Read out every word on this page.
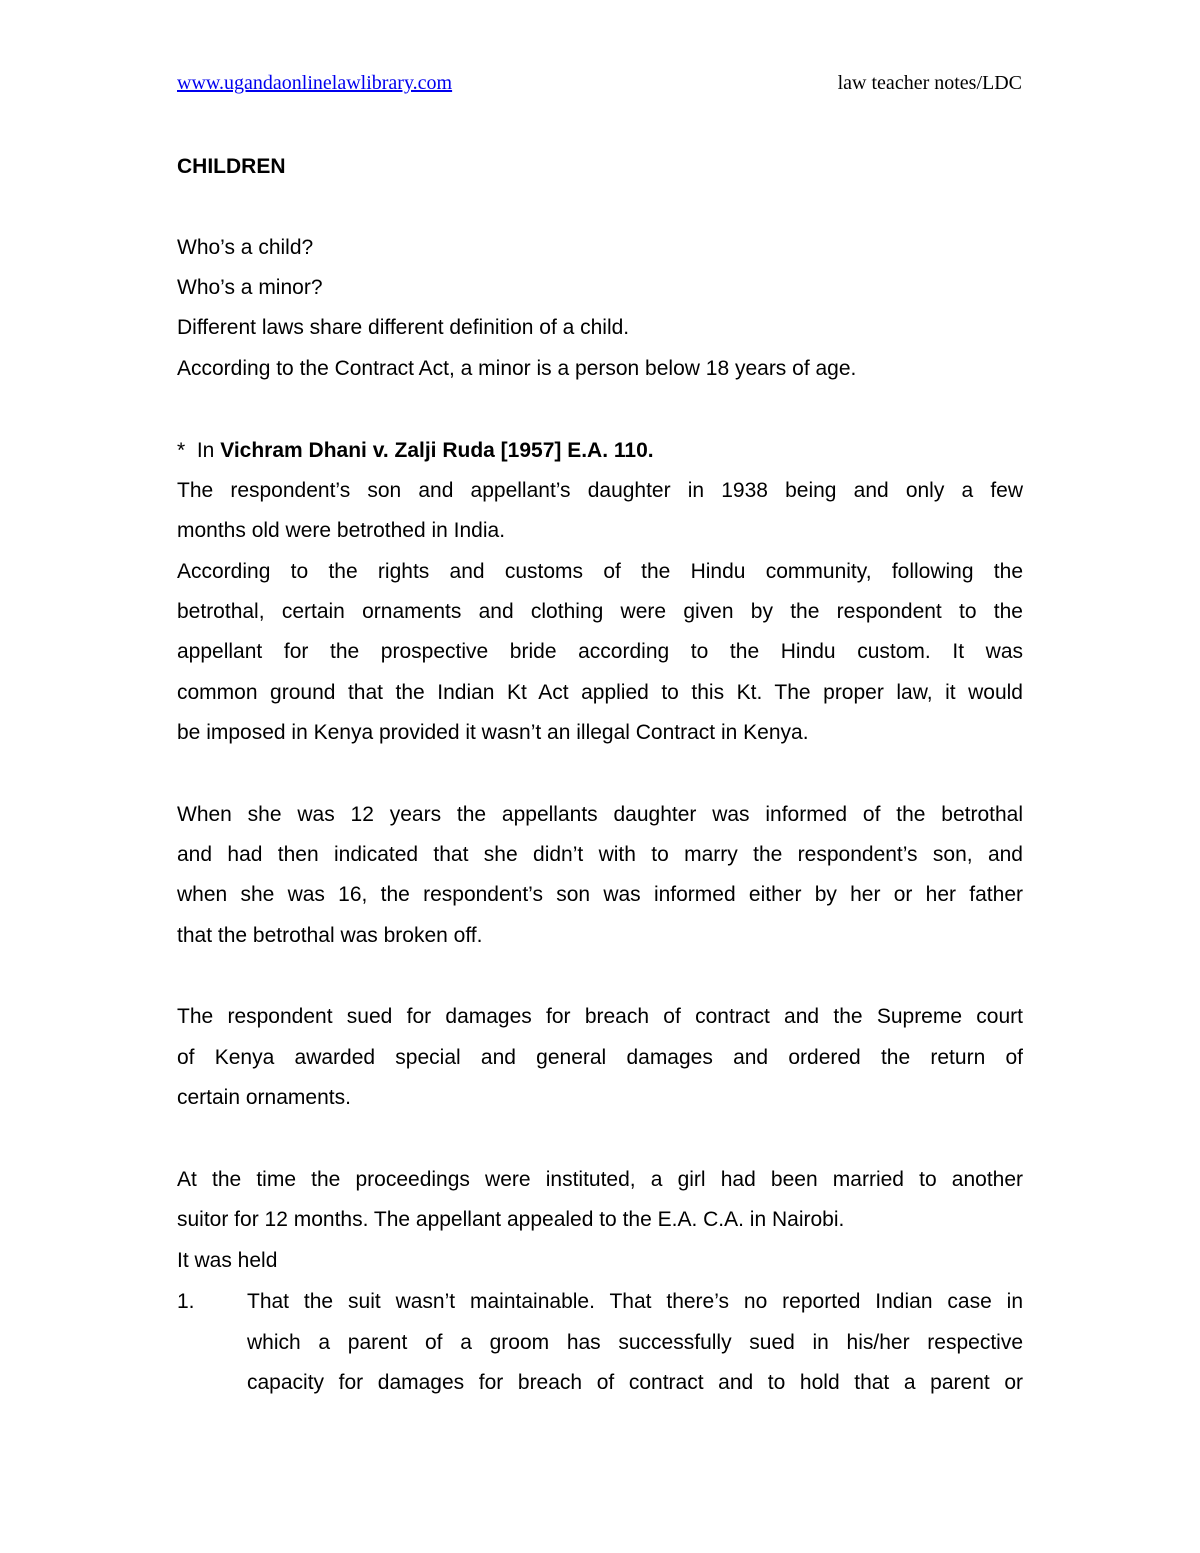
www.ugandaonlinelawlibrary.com	law teacher notes/LDC
CHILDREN
Who’s a child?
Who’s a minor?
Different laws share different definition of a child.
According to the Contract Act, a minor is a person below 18 years of age.
*  In Vichram Dhani v. Zalji Ruda [1957] E.A. 110.
The respondent’s son and appellant’s daughter in 1938 being and only a few
months old were betrothed in India.
According to the rights and customs of the Hindu community, following the
betrothal, certain ornaments and clothing were given by the respondent to the
appellant for the prospective bride according to the Hindu custom. It was
common ground that the Indian Kt Act applied to this Kt. The proper law, it would
be imposed in Kenya provided it wasn’t an illegal Contract in Kenya.
When she was 12 years the appellants daughter was informed of the betrothal
and had then indicated that she didn’t with to marry the respondent’s son, and
when she was 16, the respondent’s son was informed either by her or her father
that the betrothal was broken off.
The respondent sued for damages for breach of contract and the Supreme court
of Kenya awarded special and general damages and ordered the return of
certain ornaments.
At the time the proceedings were instituted, a girl had been married to another
suitor for 12 months. The appellant appealed to the E.A. C.A. in Nairobi.
It was held
1. That the suit wasn’t maintainable. That there’s no reported Indian case in
which a parent of a groom has successfully sued in his/her respective
capacity for damages for breach of contract and to hold that a parent or
